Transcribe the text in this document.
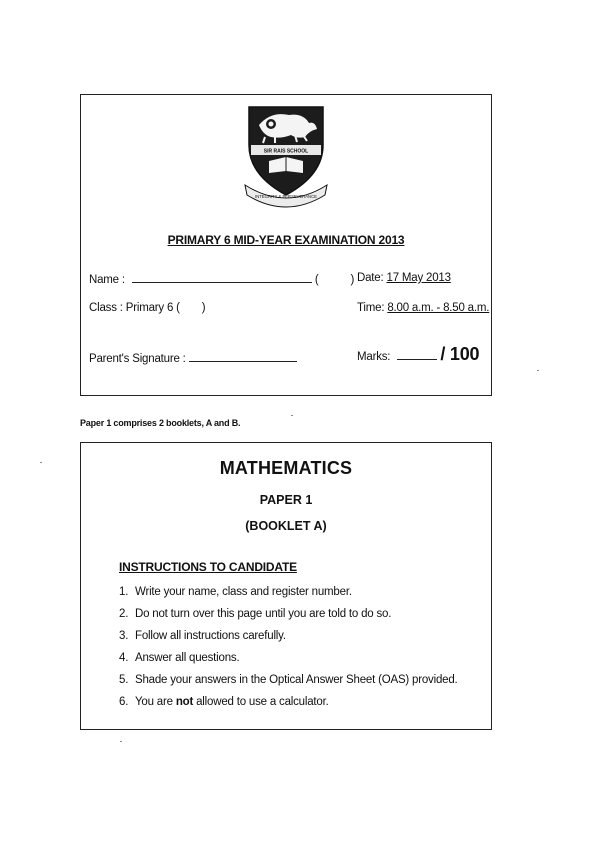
SIR RAIS SCHOOL
INTEGRITY & PERSEVERANCE
PRIMARY 6 MID-YEAR EXAMINATION 2013
Name :	(	) Date: 17 May 2013
Class : Primary 6 ( )	Time: 8.00 a.m. - 8.50 a.m.
Parent's Signature :	Marks:	/ 100
Paper 1 comprises 2 booklets, A and B.
MATHEMATICS
PAPER 1
(BOOKLET A)
INSTRUCTIONS TO CANDIDATE
1. Write your name, class and register number.
2. Do not turn over this page until you are told to do so.
3. Follow all instructions carefully.
4. Answer all questions.
5. Shade your answers in the Optical Answer Sheet (OAS) provided.
6. You are not allowed to use a calculator.
